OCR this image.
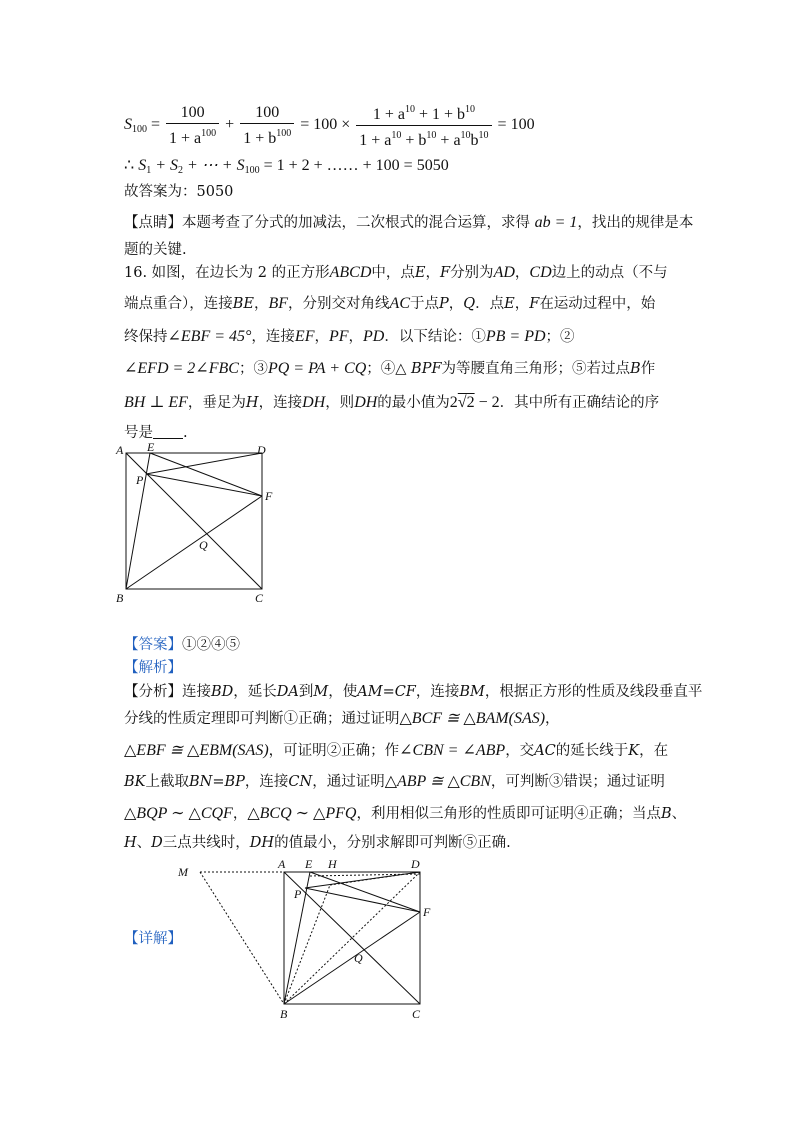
$S_{100} = \frac{100}{1 + a^{100}} + \frac{100}{1 + b^{100}} = 100 \times \frac{1 + a^{10} + 1 + b^{10}}{1 + a^{10} + b^{10} + a^{10}b^{10}} = 100$
∴ $S_1 + S_2$ + ⋯ + $S_{100} = 1 + 2$ + …… + 100 = 5050
故答案为：5050
【点睛】本题考查了分式的加减法，二次根式的混合运算，求得 ab = 1，找出的规律是本
题的关键.
16. 如图，在边长为 2 的正方形ABCD中，点E，F分别为AD，CD边上的动点（不与
端点重合），连接BE，BF，分别交对角线AC于点P，Q．点E，F在运动过程中，始
终保持∠EBF = 45°，连接EF，PF，PD．以下结论：①PB = PD；②
∠EFD = 2∠FBC；③PQ = PA + CQ；④△ BPF为等腰直角三角形；⑤若过点B作
BH ⊥ EF，垂足为H，连接DH，则DH的最小值为2√2 − 2．其中所有正确结论的序
号是 .
A E	D
P
F
Q
B	C
【答案】①②④⑤
【解析】
【分析】连接BD，延长DA到M，使AM=CF，连接BM，根据正方形的性质及线段垂直平
分线的性质定理即可判断①正确；通过证明△BCF ≅ △BAM(SAS)，
△EBF ≅ △EBM(SAS)，可证明②正确；作∠CBN = ∠ABP，交AC的延长线于K，在
BK上截取BN=BP，连接CN，通过证明△ABP ≅ △CBN，可判断③错误；通过证明
△BQP ∼ △CQF，△BCQ ∼ △PFQ，利用相似三角形的性质即可证明④正确；当点B、
H、D三点共线时，DH的值最小，分别求解即可判断⑤正确.
【详解】
M
A E H	D
P
F
Q
B	C
